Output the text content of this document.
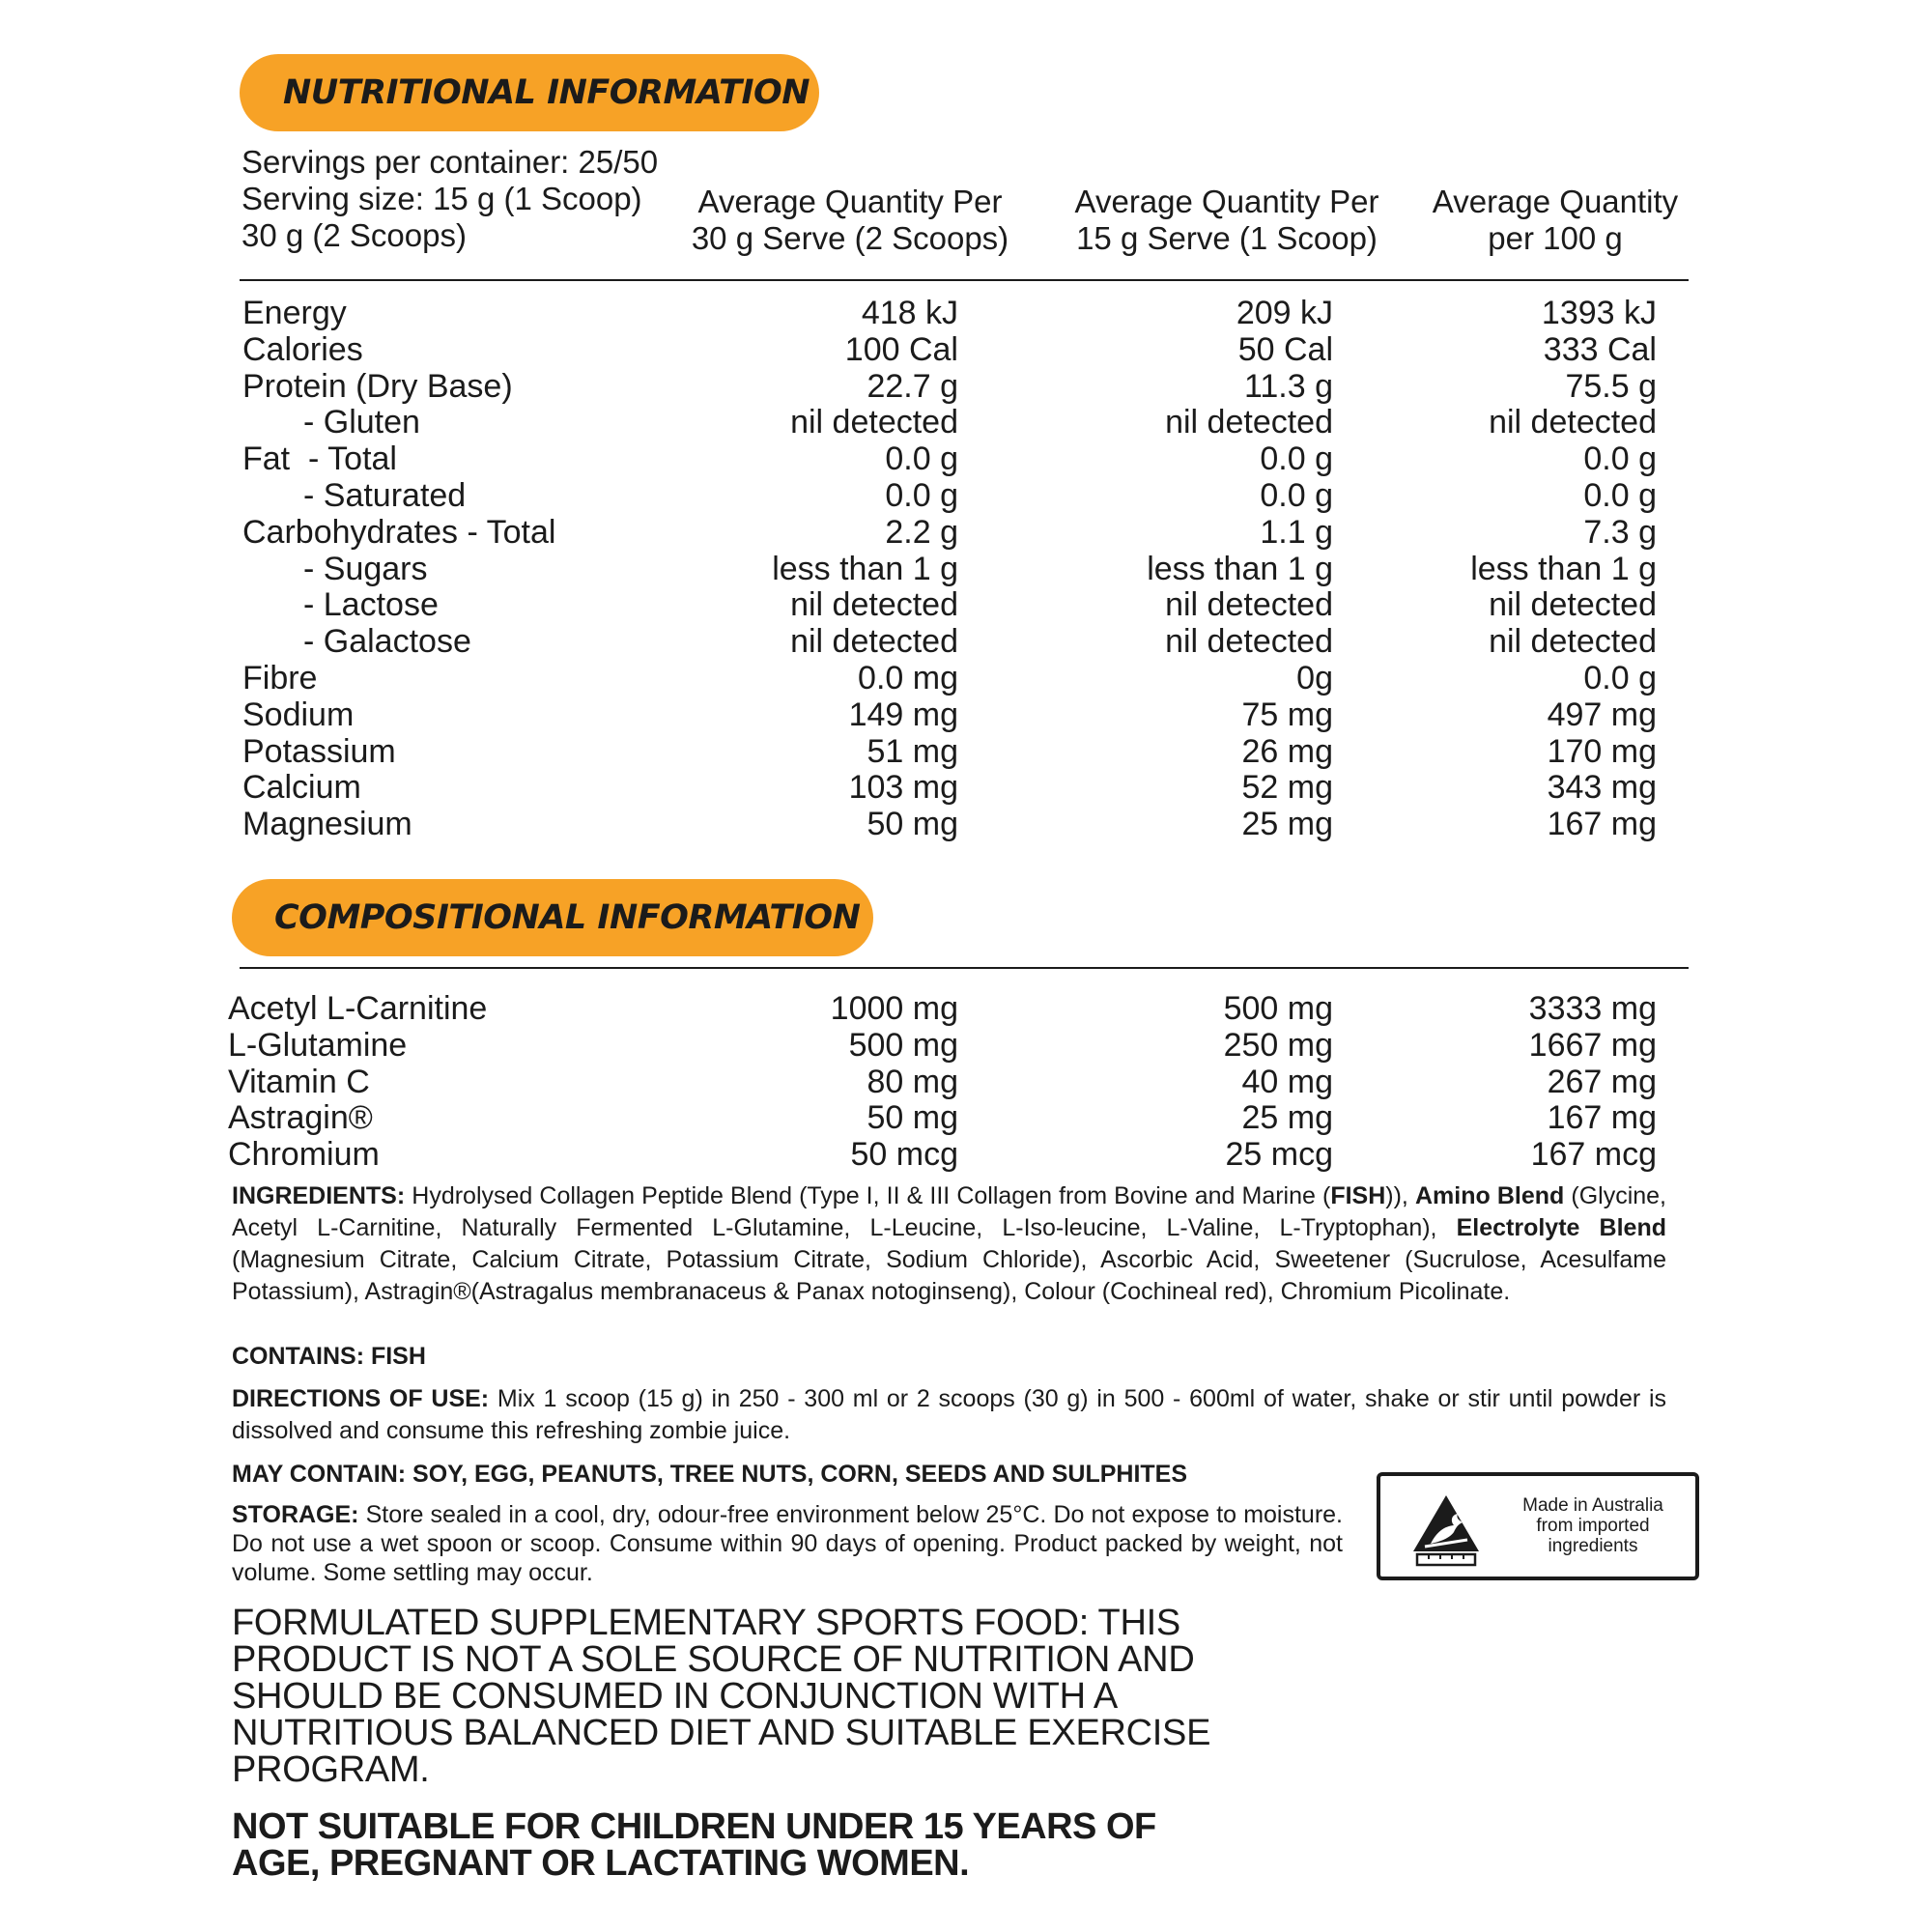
NUTRITIONAL INFORMATION
Servings per container: 25/50
Serving size: 15 g (1 Scoop)
30 g (2 Scoops)
Average Quantity Per
30 g Serve (2 Scoops)
Average Quantity Per
15 g Serve (1 Scoop)
Average Quantity
per 100 g
Energy	418 kJ	209 kJ	1393 kJ
Calories	100 Cal	50 Cal	333 Cal
Protein (Dry Base)	22.7 g	11.3 g	75.5 g
- Gluten	nil detected	nil detected	nil detected
Fat  - Total	0.0 g	0.0 g	0.0 g
- Saturated	0.0 g	0.0 g	0.0 g
Carbohydrates - Total	2.2 g	1.1 g	7.3 g
- Sugars	less than 1 g	less than 1 g	less than 1 g
- Lactose	nil detected	nil detected	nil detected
- Galactose	nil detected	nil detected	nil detected
Fibre	0.0 mg	0g	0.0 g
Sodium	149 mg	75 mg	497 mg
Potassium	51 mg	26 mg	170 mg
Calcium	103 mg	52 mg	343 mg
Magnesium	50 mg	25 mg	167 mg
COMPOSITIONAL INFORMATION
Acetyl L-Carnitine	1000 mg	500 mg	3333 mg
L-Glutamine	500 mg	250 mg	1667 mg
Vitamin C	80 mg	40 mg	267 mg
Astragin®	50 mg	25 mg	167 mg
Chromium	50 mcg	25 mcg	167 mcg
INGREDIENTS: Hydrolysed Collagen Peptide Blend (Type I, II & III Collagen from Bovine and Marine (FISH)), Amino Blend (Glycine, Acetyl L-Carnitine, Naturally Fermented L-Glutamine, L-Leucine, L-Iso-leucine, L-Valine, L-Tryptophan), Electrolyte Blend (Magnesium Citrate, Calcium Citrate, Potassium Citrate, Sodium Chloride), Ascorbic Acid, Sweetener (Sucrulose, Acesulfame Potassium), Astragin®(Astragalus membranaceus & Panax notoginseng), Colour (Cochineal red), Chromium Picolinate.
CONTAINS: FISH
DIRECTIONS OF USE: Mix 1 scoop (15 g) in 250 - 300 ml or 2 scoops (30 g) in 500 - 600ml of water, shake or stir until powder is dissolved and consume this refreshing zombie juice.
MAY CONTAIN: SOY, EGG, PEANUTS, TREE NUTS, CORN, SEEDS AND SULPHITES
STORAGE: Store sealed in a cool, dry, odour-free environment below 25°C. Do not expose to moisture. Do not use a wet spoon or scoop. Consume within 90 days of opening. Product packed by weight, not volume. Some settling may occur.
Made in Australia
from imported
ingredients
FORMULATED SUPPLEMENTARY SPORTS FOOD: THIS PRODUCT IS NOT A SOLE SOURCE OF NUTRITION AND SHOULD BE CONSUMED IN CONJUNCTION WITH A NUTRITIOUS BALANCED DIET AND SUITABLE EXERCISE PROGRAM.
NOT SUITABLE FOR CHILDREN UNDER 15 YEARS OF AGE, PREGNANT OR LACTATING WOMEN.
